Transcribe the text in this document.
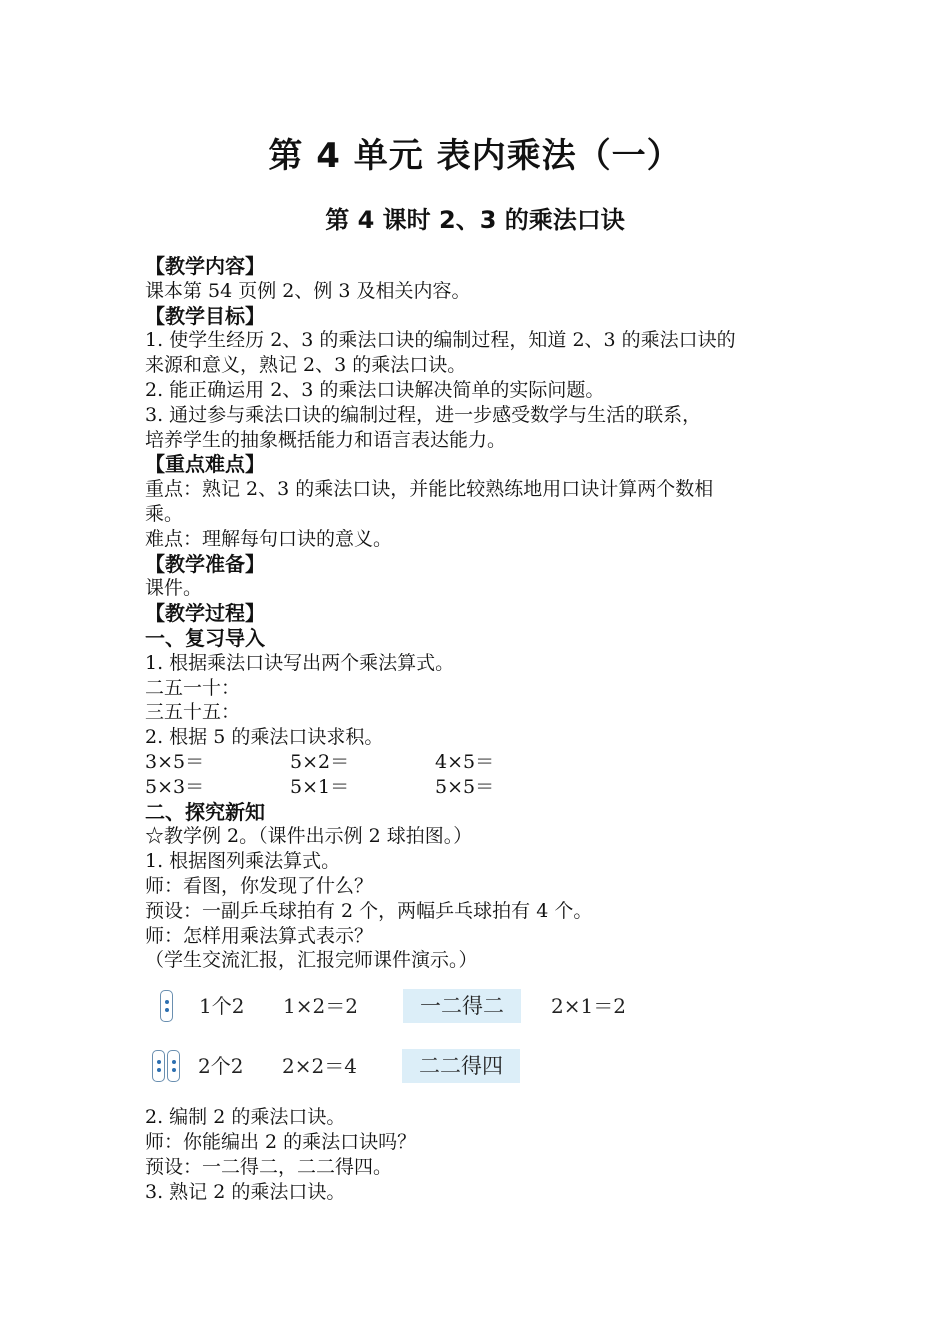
第 4 单元 表内乘法（一）
第 4 课时 2、3 的乘法口诀

【教学内容】

课本第 54 页例 2、例 3 及相关内容。

【教学目标】

1. 使学生经历 2、3 的乘法口诀的编制过程，知道 2、3 的乘法口诀的

来源和意义，熟记 2、3 的乘法口诀。

2. 能正确运用 2、3 的乘法口诀解决简单的实际问题。

3. 通过参与乘法口诀的编制过程，进一步感受数学与生活的联系，

培养学生的抽象概括能力和语言表达能力。

【重点难点】

重点：熟记 2、3 的乘法口诀，并能比较熟练地用口诀计算两个数相

乘。

难点：理解每句口诀的意义。

【教学准备】

课件。

【教学过程】

一、复习导入

1. 根据乘法口诀写出两个乘法算式。

二五一十：

三五十五：

2. 根据 5 的乘法口诀求积。

3×5＝	5×2＝	4×5＝
5×3＝	5×1＝	5×5＝

二、探究新知

☆教学例 2。（课件出示例 2 球拍图。）

1. 根据图列乘法算式。

师：看图，你发现了什么？

预设：一副乒乓球拍有 2 个，两幅乒乓球拍有 4 个。

师：怎样用乘法算式表示？

（学生交流汇报，汇报完师课件演示。）

1个2	1×2＝2	一二得二	2×1＝2
2个2	2×2＝4	二二得四

2. 编制 2 的乘法口诀。

师：你能编出 2 的乘法口诀吗？

预设：一二得二，二二得四。

3. 熟记 2 的乘法口诀。
